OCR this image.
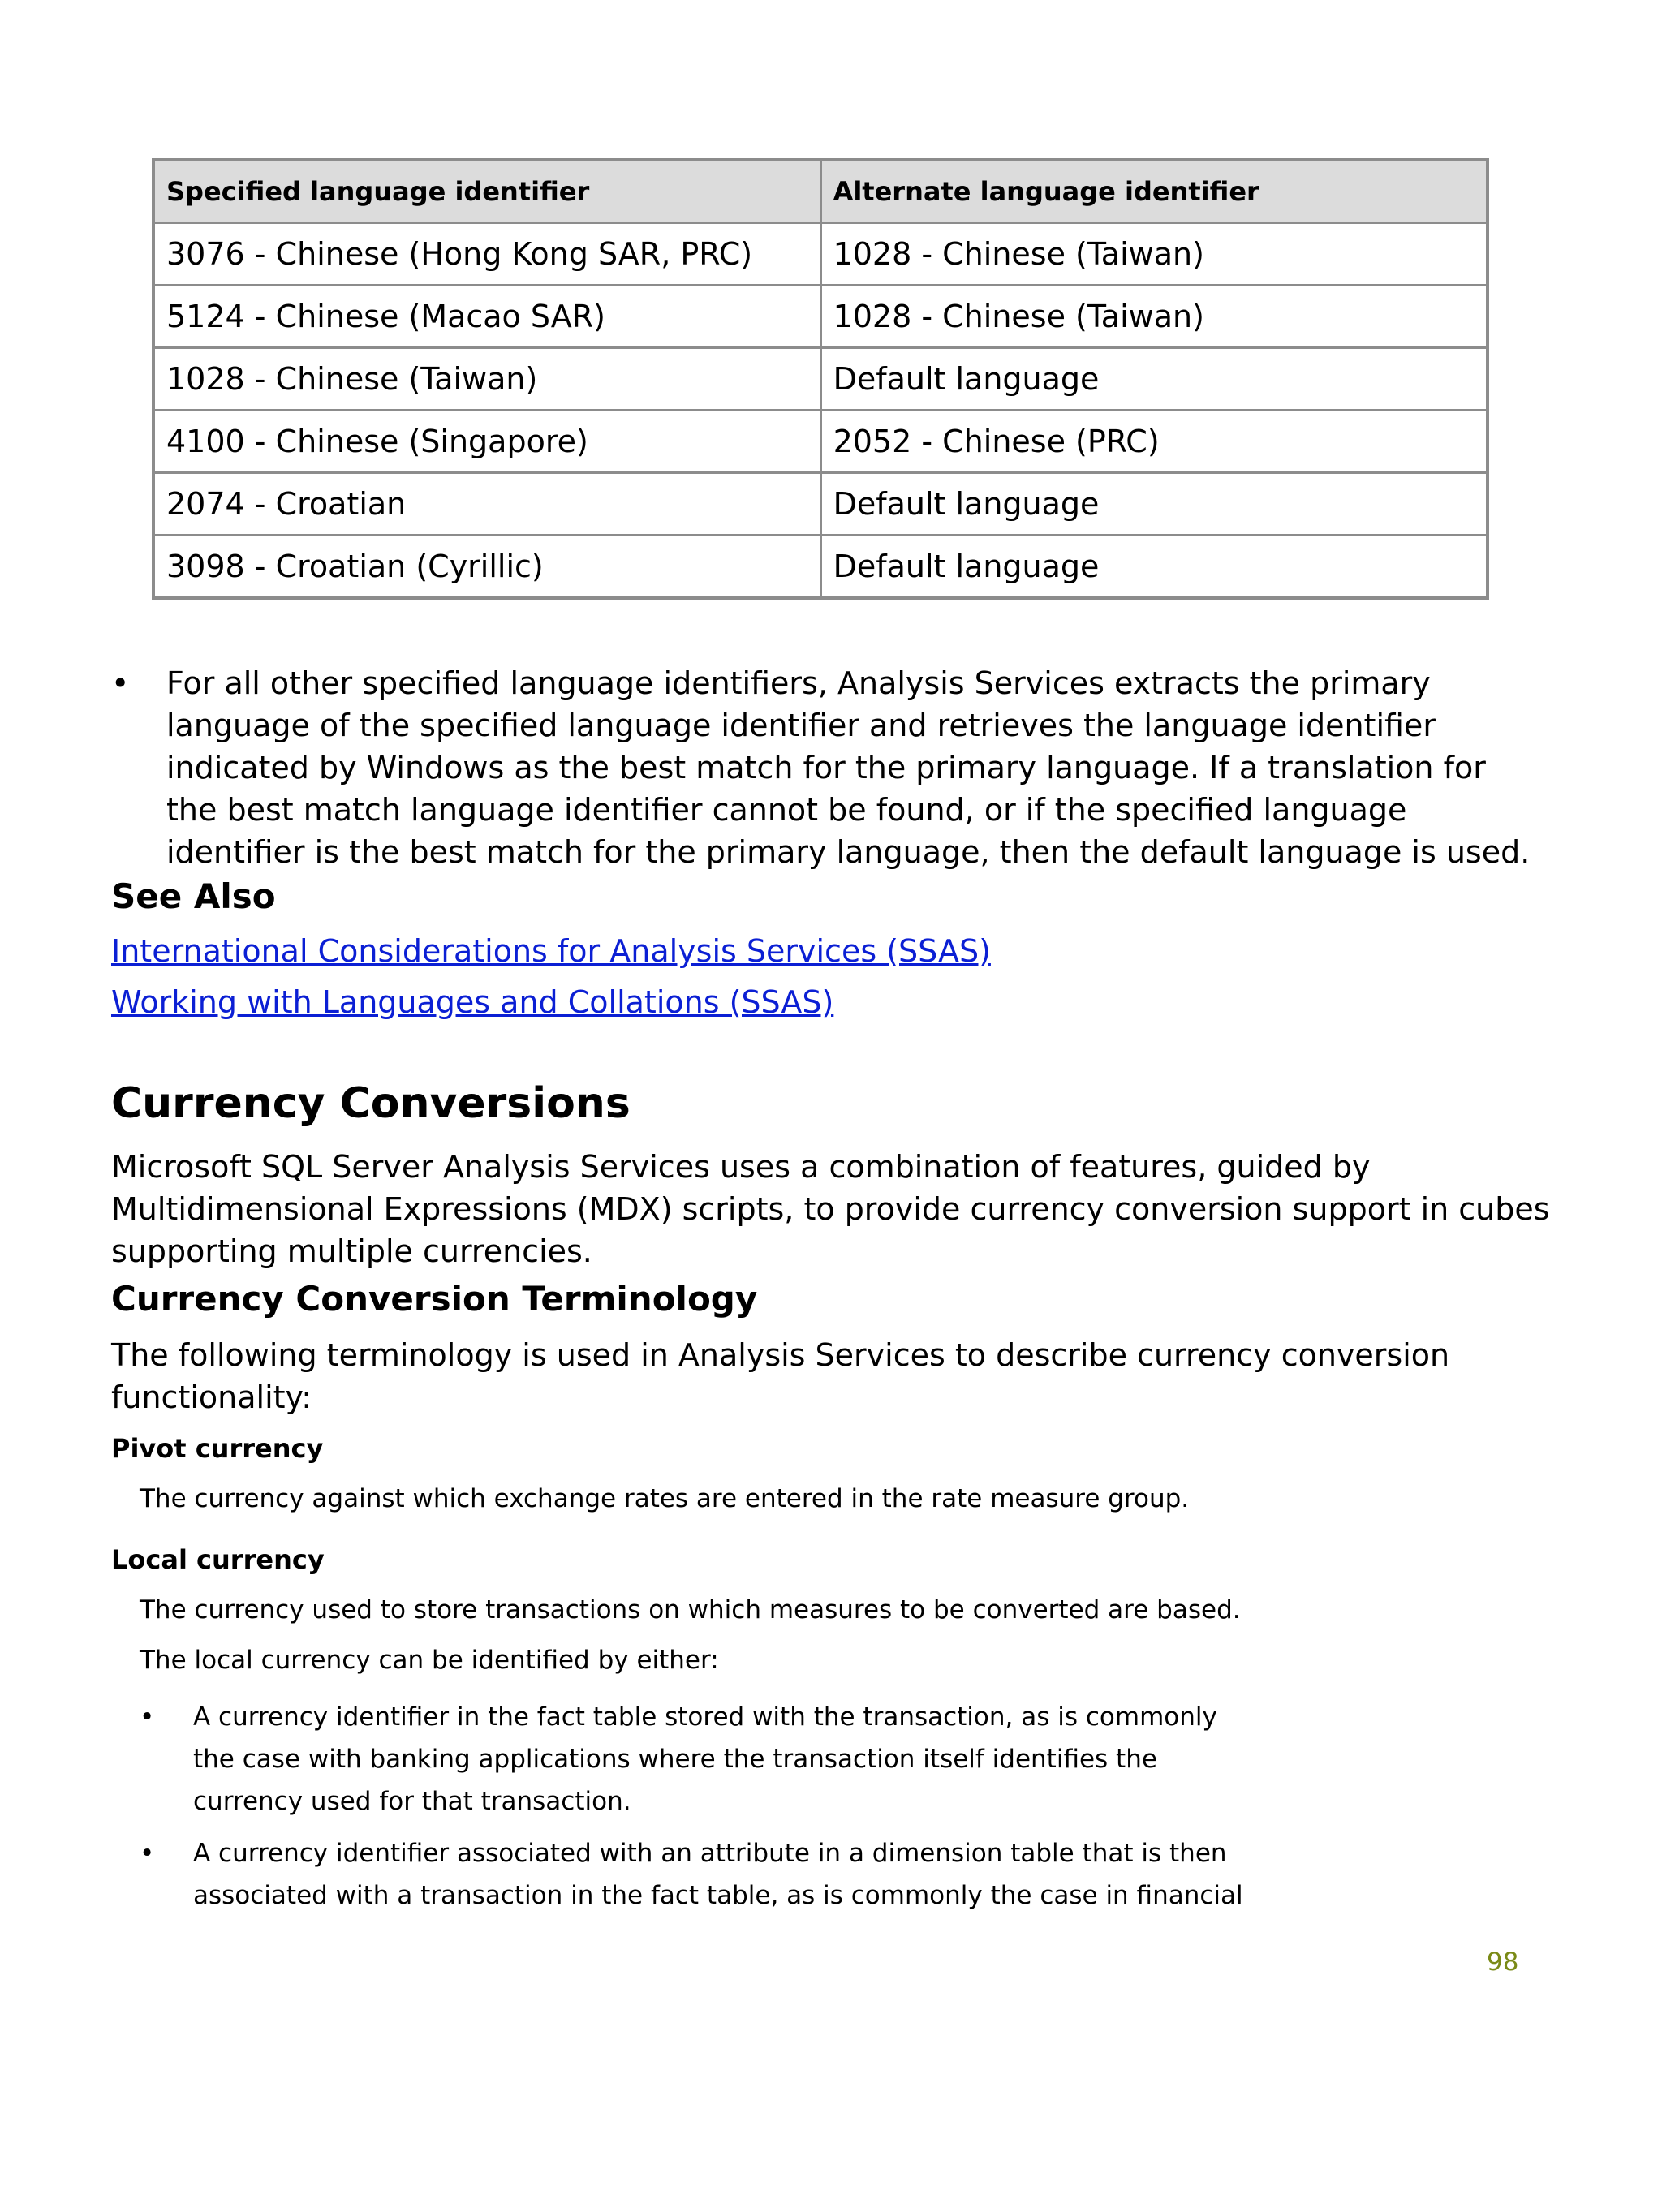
Specified language identifier	Alternate language identifier
3076 - Chinese (Hong Kong SAR, PRC)	1028 - Chinese (Taiwan)
5124 - Chinese (Macao SAR)	1028 - Chinese (Taiwan)
1028 - Chinese (Taiwan)	Default language
4100 - Chinese (Singapore)	2052 - Chinese (PRC)
2074 - Croatian	Default language
3098 - Croatian (Cyrillic)	Default language
•	For all other specified language identifiers, Analysis Services extracts the primary language of the specified language identifier and retrieves the language identifier indicated by Windows as the best match for the primary language. If a translation for the best match language identifier cannot be found, or if the specified language identifier is the best match for the primary language, then the default language is used.
See Also
International Considerations for Analysis Services (SSAS)
Working with Languages and Collations (SSAS)
Currency Conversions

Microsoft SQL Server Analysis Services uses a combination of features, guided by Multidimensional Expressions (MDX) scripts, to provide currency conversion support in cubes supporting multiple currencies.

Currency Conversion Terminology

The following terminology is used in Analysis Services to describe currency conversion functionality:

Pivot currency

The currency against which exchange rates are entered in the rate measure group.

Local currency

The currency used to store transactions on which measures to be converted are based.

The local currency can be identified by either:

• A currency identifier in the fact table stored with the transaction, as is commonly the case with banking applications where the transaction itself identifies the currency used for that transaction.
• A currency identifier associated with an attribute in a dimension table that is then associated with a transaction in the fact table, as is commonly the case in financial
98
